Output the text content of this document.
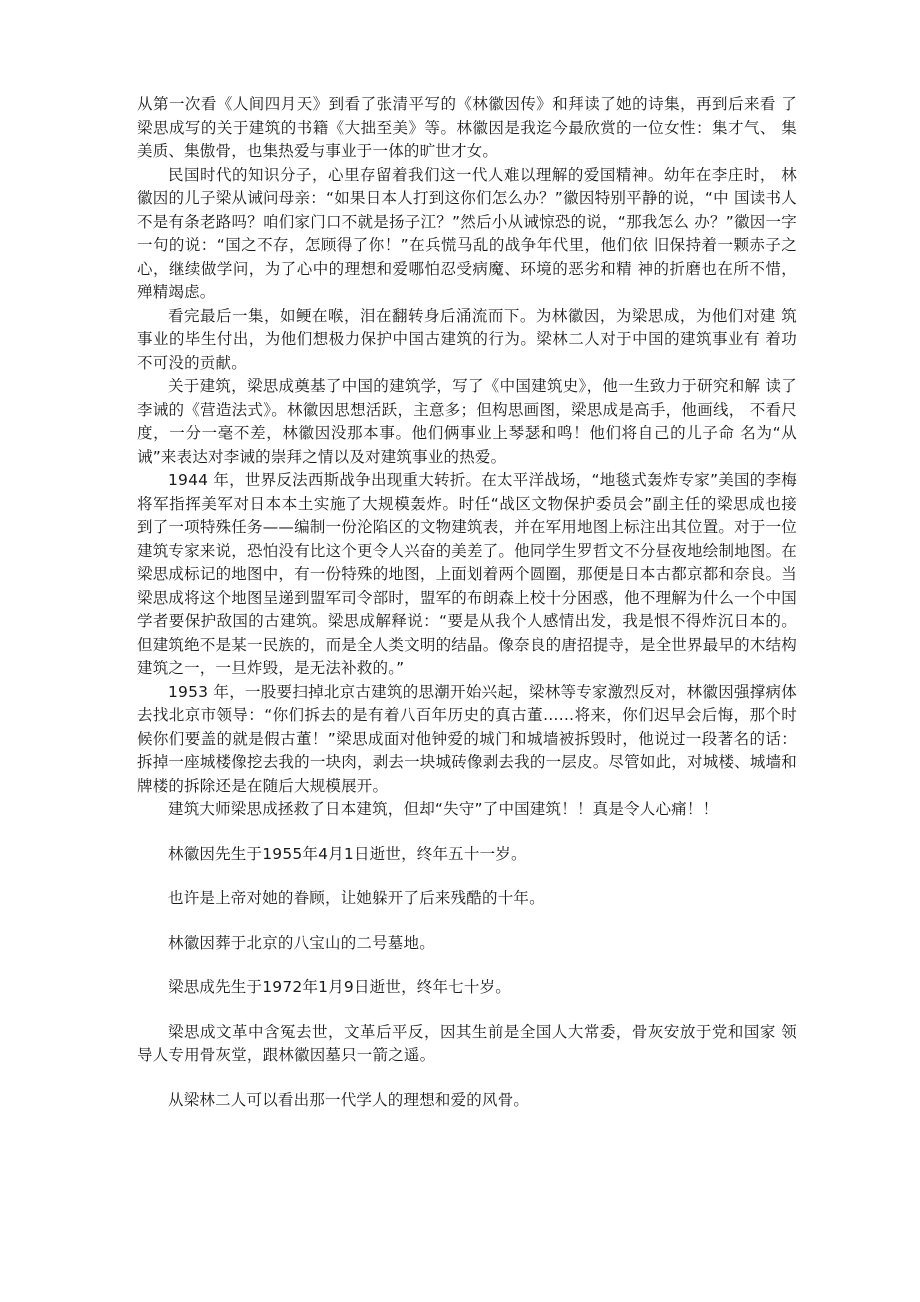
从第一次看《人间四月天》到看了张清平写的《林徽因传》和拜读了她的诗集，再到后来看 了梁思成写的关于建筑的书籍《大拙至美》等。林徽因是我迄今最欣赏的一位女性：集才气、 集美质、集傲骨，也集热爱与事业于一体的旷世才女。

民国时代的知识分子，心里存留着我们这一代人难以理解的爱国精神。幼年在李庄时， 林徽因的儿子梁从诫问母亲：“如果日本人打到这你们怎么办？”徽因特别平静的说，“中 国读书人不是有条老路吗？咱们家门口不就是扬子江？”然后小从诫惊恐的说，“那我怎么 办？”徽因一字一句的说：“国之不存，怎顾得了你！”在兵慌马乱的战争年代里，他们依 旧保持着一颗赤子之心，继续做学问，为了心中的理想和爱哪怕忍受病魔、环境的恶劣和精 神的折磨也在所不惜，殚精竭虑。

看完最后一集，如鲠在喉，泪在翻转身后涌流而下。为林徽因，为梁思成，为他们对建 筑事业的毕生付出，为他们想极力保护中国古建筑的行为。梁林二人对于中国的建筑事业有 着功不可没的贡献。

关于建筑，梁思成奠基了中国的建筑学，写了《中国建筑史》，他一生致力于研究和解 读了李诫的《营造法式》。林徽因思想活跃，主意多；但构思画图，梁思成是高手，他画线， 不看尺度，一分一毫不差，林徽因没那本事。他们俩事业上琴瑟和鸣！他们将自己的儿子命 名为“从诫”来表达对李诫的崇拜之情以及对建筑事业的热爱。

1944 年，世界反法西斯战争出现重大转折。在太平洋战场，“地毯式轰炸专家”美国的李梅将军指挥美军对日本本土实施了大规模轰炸。时任“战区文物保护委员会”副主任的梁思成也接到了一项特殊任务——编制一份沦陷区的文物建筑表，并在军用地图上标注出其位置。对于一位建筑专家来说，恐怕没有比这个更令人兴奋的美差了。他同学生罗哲文不分昼夜地绘制地图。在梁思成标记的地图中，有一份特殊的地图，上面划着两个圆圈，那便是日本古都京都和奈良。当梁思成将这个地图呈递到盟军司令部时，盟军的布朗森上校十分困惑，他不理解为什么一个中国学者要保护敌国的古建筑。梁思成解释说：“要是从我个人感情出发，我是恨不得炸沉日本的。但建筑绝不是某一民族的，而是全人类文明的结晶。像奈良的唐招提寺，是全世界最早的木结构建筑之一，一旦炸毁，是无法补救的。”

1953 年，一股要扫掉北京古建筑的思潮开始兴起，梁林等专家激烈反对，林徽因强撑病体去找北京市领导：“你们拆去的是有着八百年历史的真古董……将来，你们迟早会后悔，那个时候你们要盖的就是假古董！”梁思成面对他钟爱的城门和城墙被拆毁时，他说过一段著名的话：拆掉一座城楼像挖去我的一块肉，剥去一块城砖像剥去我的一层皮。尽管如此，对城楼、城墙和牌楼的拆除还是在随后大规模展开。

建筑大师梁思成拯救了日本建筑，但却“失守”了中国建筑！！真是令人心痛！！

林徽因先生于1955年4月1日逝世，终年五十一岁。

也许是上帝对她的眷顾，让她躲开了后来残酷的十年。

林徽因葬于北京的八宝山的二号墓地。

梁思成先生于1972年1月9日逝世，终年七十岁。

梁思成文革中含冤去世，文革后平反，因其生前是全国人大常委，骨灰安放于党和国家 领导人专用骨灰堂，跟林徽因墓只一箭之遥。

从梁林二人可以看出那一代学人的理想和爱的风骨。
